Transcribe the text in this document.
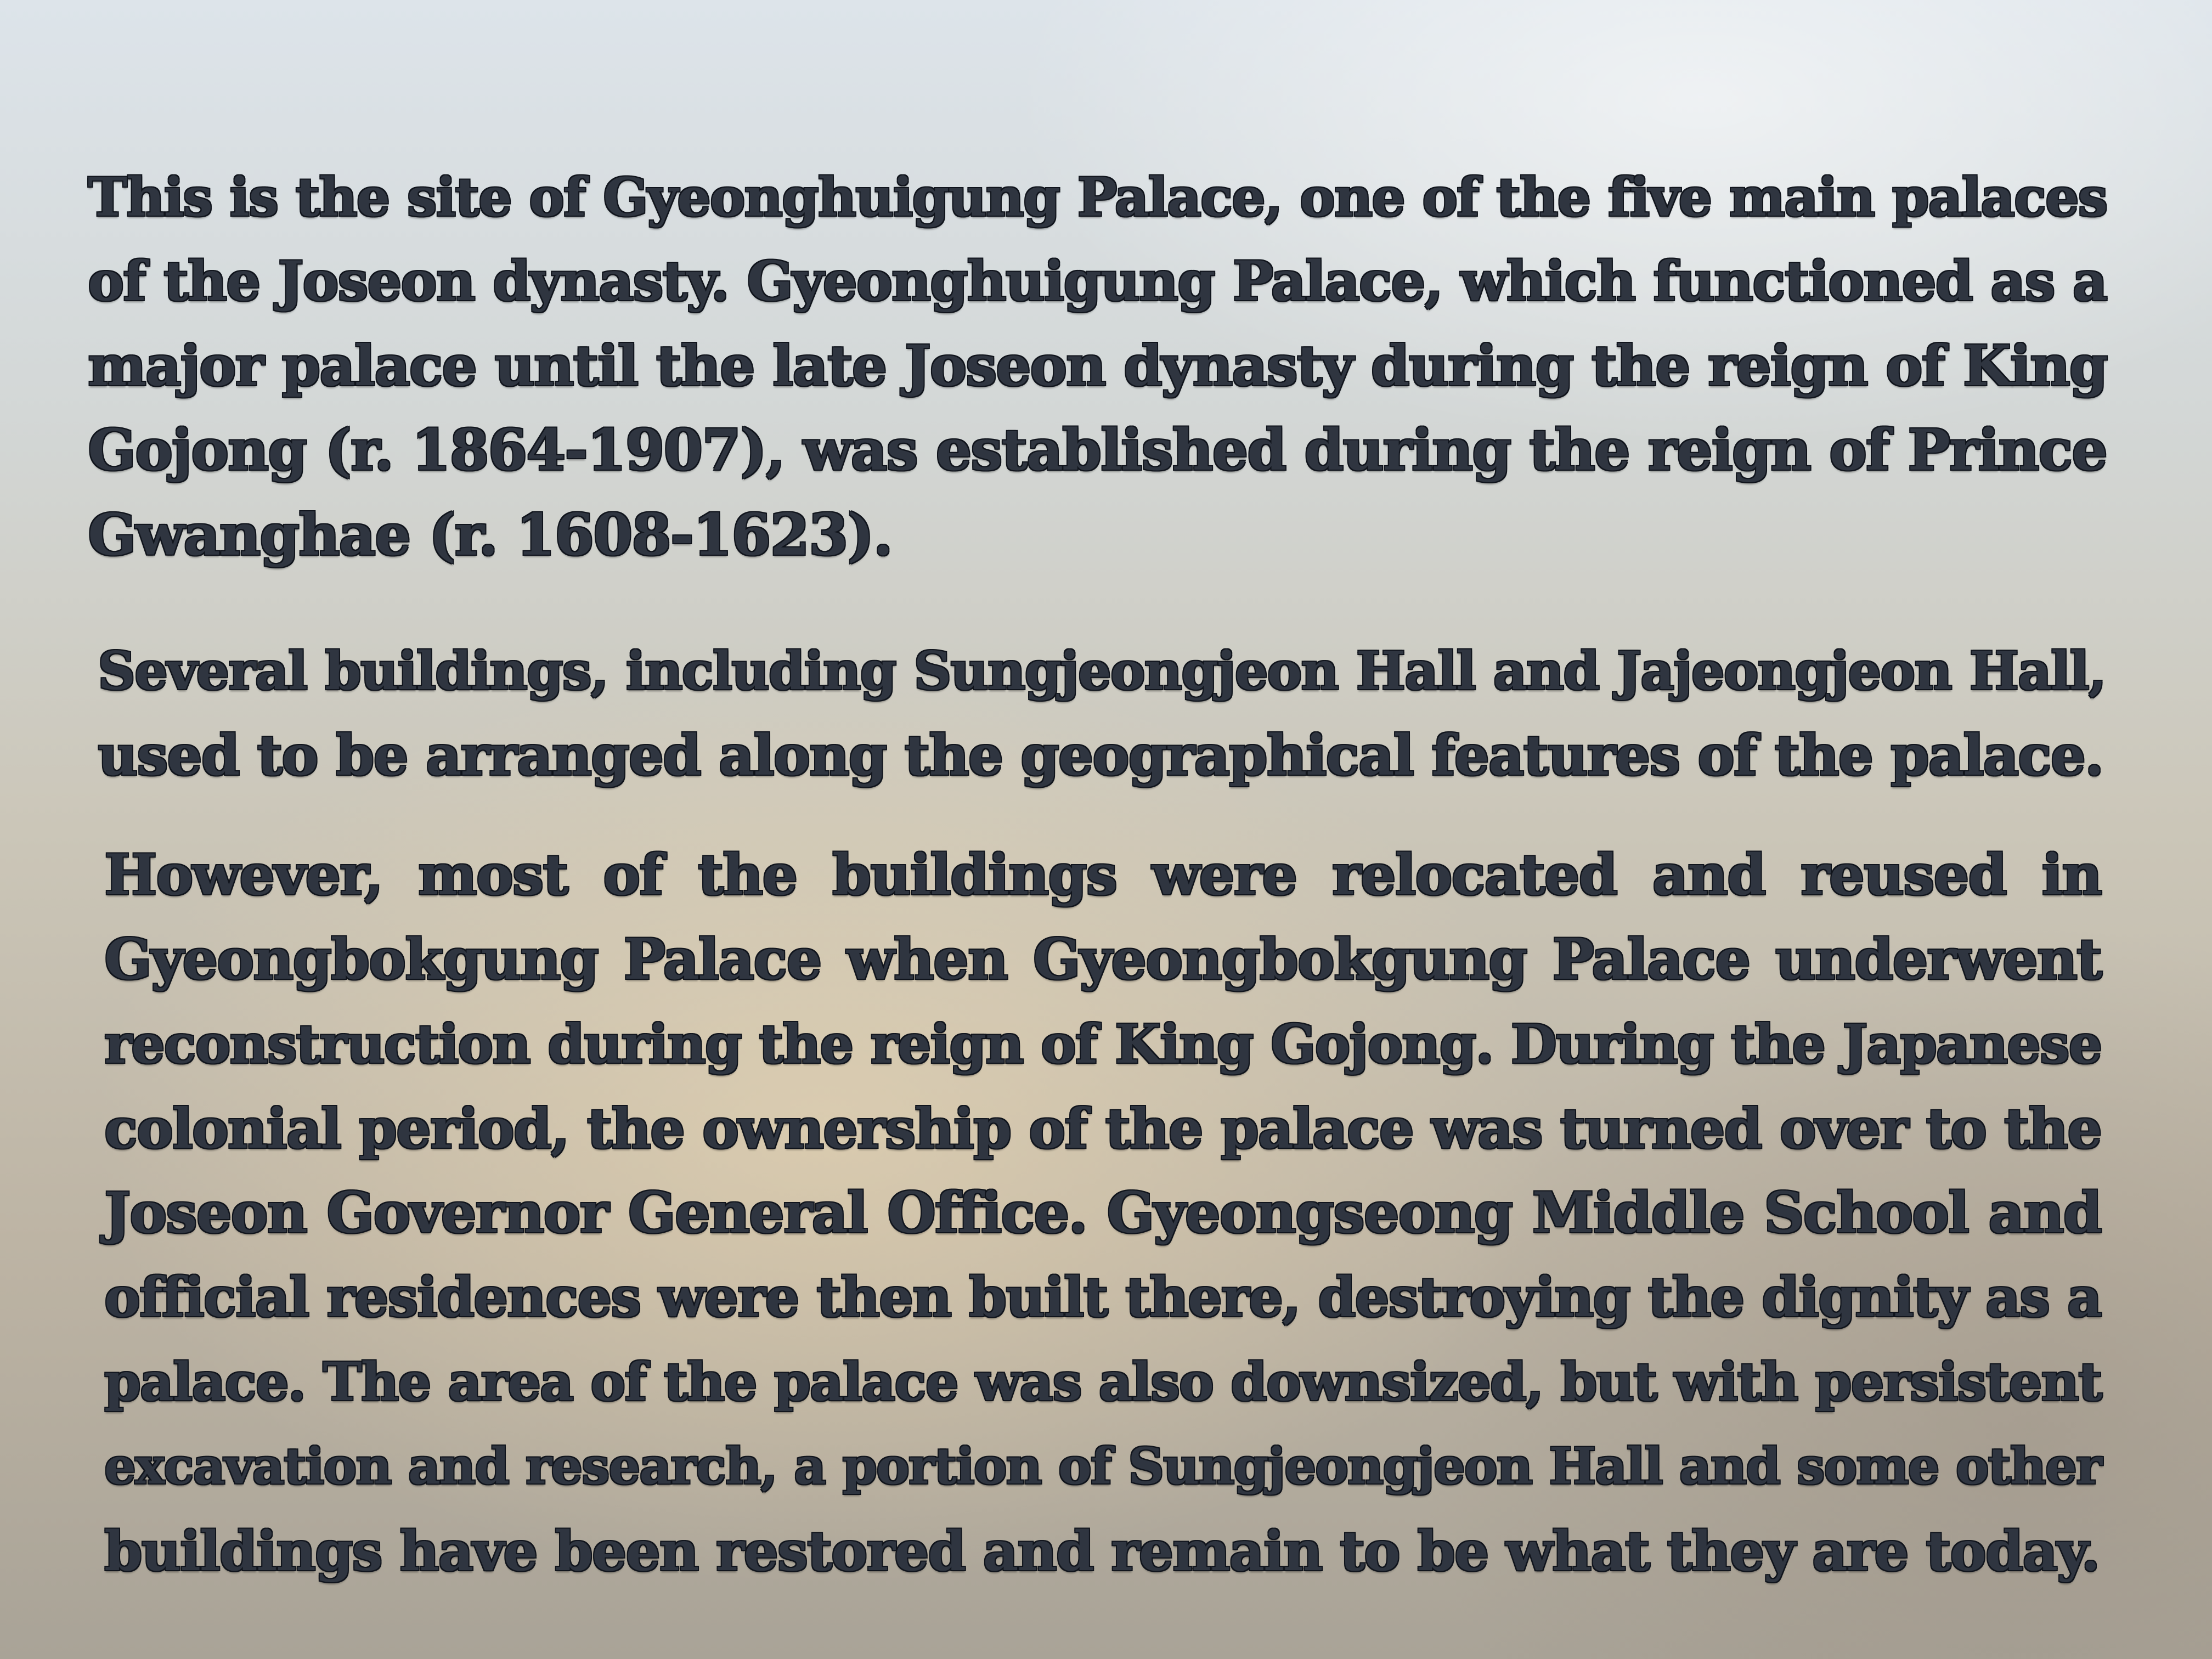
This is the site of Gyeonghuigung Palace, one of the five main palaces
of the Joseon dynasty. Gyeonghuigung Palace, which functioned as a
major palace until the late Joseon dynasty during the reign of King
Gojong (r. 1864-1907), was established during the reign of Prince
Gwanghae (r. 1608-1623).

Several buildings, including Sungjeongjeon Hall and Jajeongjeon Hall,
used to be arranged along the geographical features of the palace.

However, most of the buildings were relocated and reused in
Gyeongbokgung Palace when Gyeongbokgung Palace underwent
reconstruction during the reign of King Gojong. During the Japanese
colonial period, the ownership of the palace was turned over to the
Joseon Governor General Office. Gyeongseong Middle School and
official residences were then built there, destroying the dignity as a
palace. The area of the palace was also downsized, but with persistent
excavation and research, a portion of Sungjeongjeon Hall and some other
buildings have been restored and remain to be what they are today.
